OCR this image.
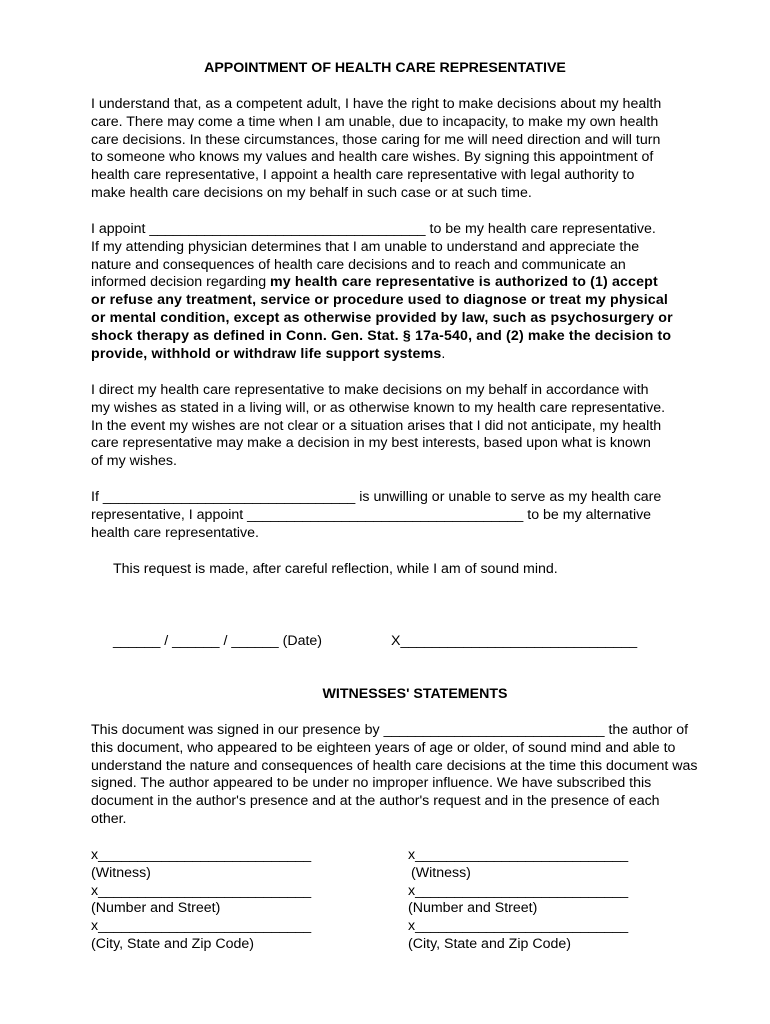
APPOINTMENT OF HEALTH CARE REPRESENTATIVE
I understand that, as a competent adult, I have the right to make decisions about my health
care. There may come a time when I am unable, due to incapacity, to make my own health
care decisions. In these circumstances, those caring for me will need direction and will turn
to someone who knows my values and health care wishes. By signing this appointment of
health care representative, I appoint a health care representative with legal authority to
make health care decisions on my behalf in such case or at such time.
I appoint ___________________________________ to be my health care representative.
If my attending physician determines that I am unable to understand and appreciate the
nature and consequences of health care decisions and to reach and communicate an
informed decision regarding my health care representative is authorized to (1) accept
or refuse any treatment, service or procedure used to diagnose or treat my physical
or mental condition, except as otherwise provided by law, such as psychosurgery or
shock therapy as defined in Conn. Gen. Stat. § 17a-540, and (2) make the decision to
provide, withhold or withdraw life support systems.
I direct my health care representative to make decisions on my behalf in accordance with
my wishes as stated in a living will, or as otherwise known to my health care representative.
In the event my wishes are not clear or a situation arises that I did not anticipate, my health
care representative may make a decision in my best interests, based upon what is known
of my wishes.
If ________________________________ is unwilling or unable to serve as my health care
representative, I appoint ___________________________________ to be my alternative
health care representative.
This request is made, after careful reflection, while I am of sound mind.
______ / ______ / ______ (Date)	X______________________________
WITNESSES' STATEMENTS
This document was signed in our presence by ____________________________ the author of
this document, who appeared to be eighteen years of age or older, of sound mind and able to
understand the nature and consequences of health care decisions at the time this document was
signed. The author appeared to be under no improper influence. We have subscribed this
document in the author's presence and at the author's request and in the presence of each
other.
x___________________________
(Witness)
x___________________________
(Number and Street)
x___________________________
(City, State and Zip Code)
x___________________________
(Witness)
x___________________________
(Number and Street)
x___________________________
(City, State and Zip Code)
